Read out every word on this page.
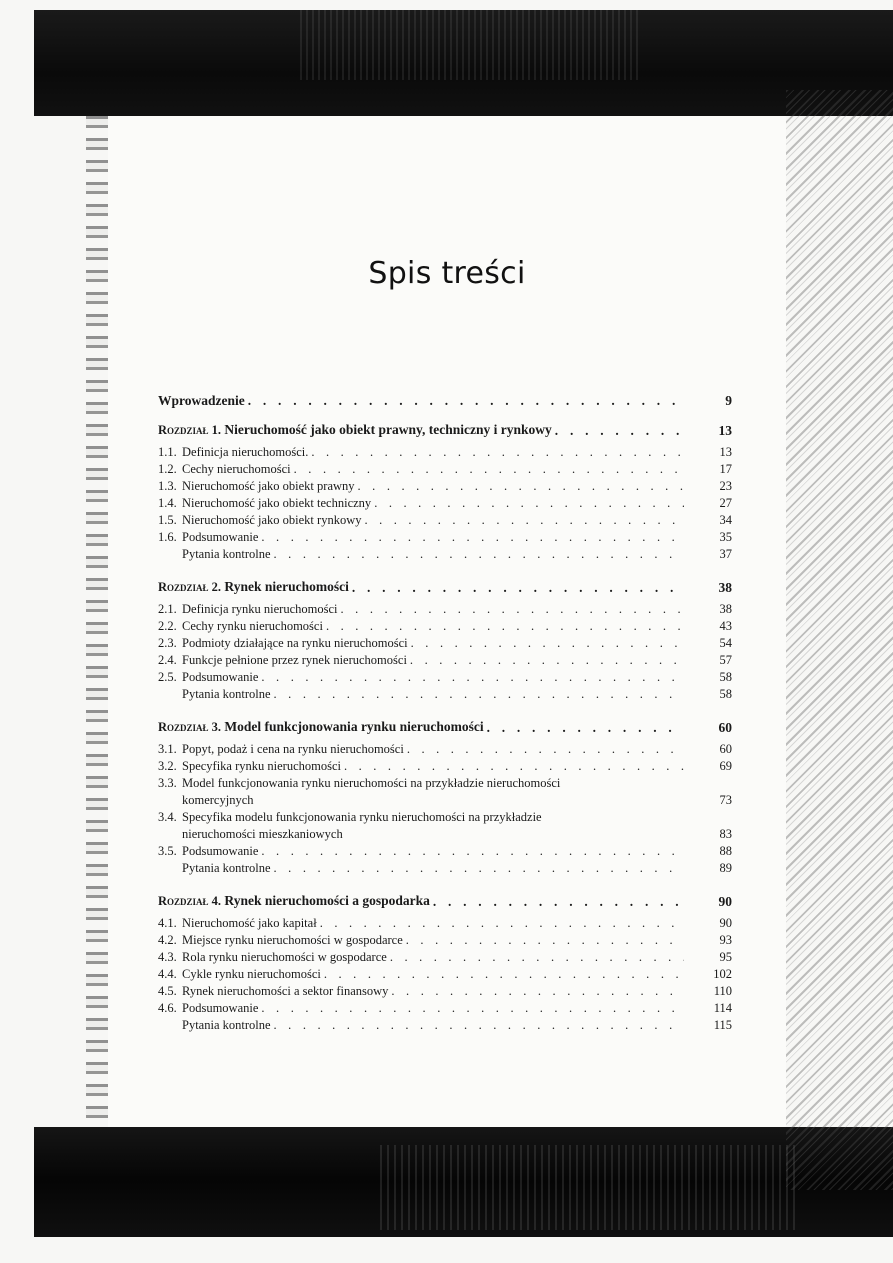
Spis treści
Wprowadzenie . . .	9
Rozdział 1. Nieruchomość jako obiekt prawny, techniczny i rynkowy . . .	13
1.1. Definicja nieruchomości. . . .	13
1.2. Cechy nieruchomości . . .	17
1.3. Nieruchomość jako obiekt prawny . . .	23
1.4. Nieruchomość jako obiekt techniczny . . .	27
1.5. Nieruchomość jako obiekt rynkowy . . .	34
1.6. Podsumowanie . . .	35
Pytania kontrolne . . .	37
Rozdział 2. Rynek nieruchomości . . .	38
2.1. Definicja rynku nieruchomości . . .	38
2.2. Cechy rynku nieruchomości . . .	43
2.3. Podmioty działające na rynku nieruchomości . . .	54
2.4. Funkcje pełnione przez rynek nieruchomości . . .	57
2.5. Podsumowanie . . .	58
Pytania kontrolne . . .	58
Rozdział 3. Model funkcjonowania rynku nieruchomości . . .	60
3.1. Popyt, podaż i cena na rynku nieruchomości . . .	60
3.2. Specyfika rynku nieruchomości . . .	69
3.3. Model funkcjonowania rynku nieruchomości na przykładzie nieruchomości
komercyjnych	73
3.4. Specyfika modelu funkcjonowania rynku nieruchomości na przykładzie
nieruchomości mieszkaniowych	83
3.5. Podsumowanie . . .	88
Pytania kontrolne . . .	89
Rozdział 4. Rynek nieruchomości a gospodarka . . .	90
4.1. Nieruchomość jako kapitał . . .	90
4.2. Miejsce rynku nieruchomości w gospodarce . . .	93
4.3. Rola rynku nieruchomości w gospodarce . . .	95
4.4. Cykle rynku nieruchomości . . .	102
4.5. Rynek nieruchomości a sektor finansowy . . .	110
4.6. Podsumowanie . . .	114
Pytania kontrolne . . .	115
